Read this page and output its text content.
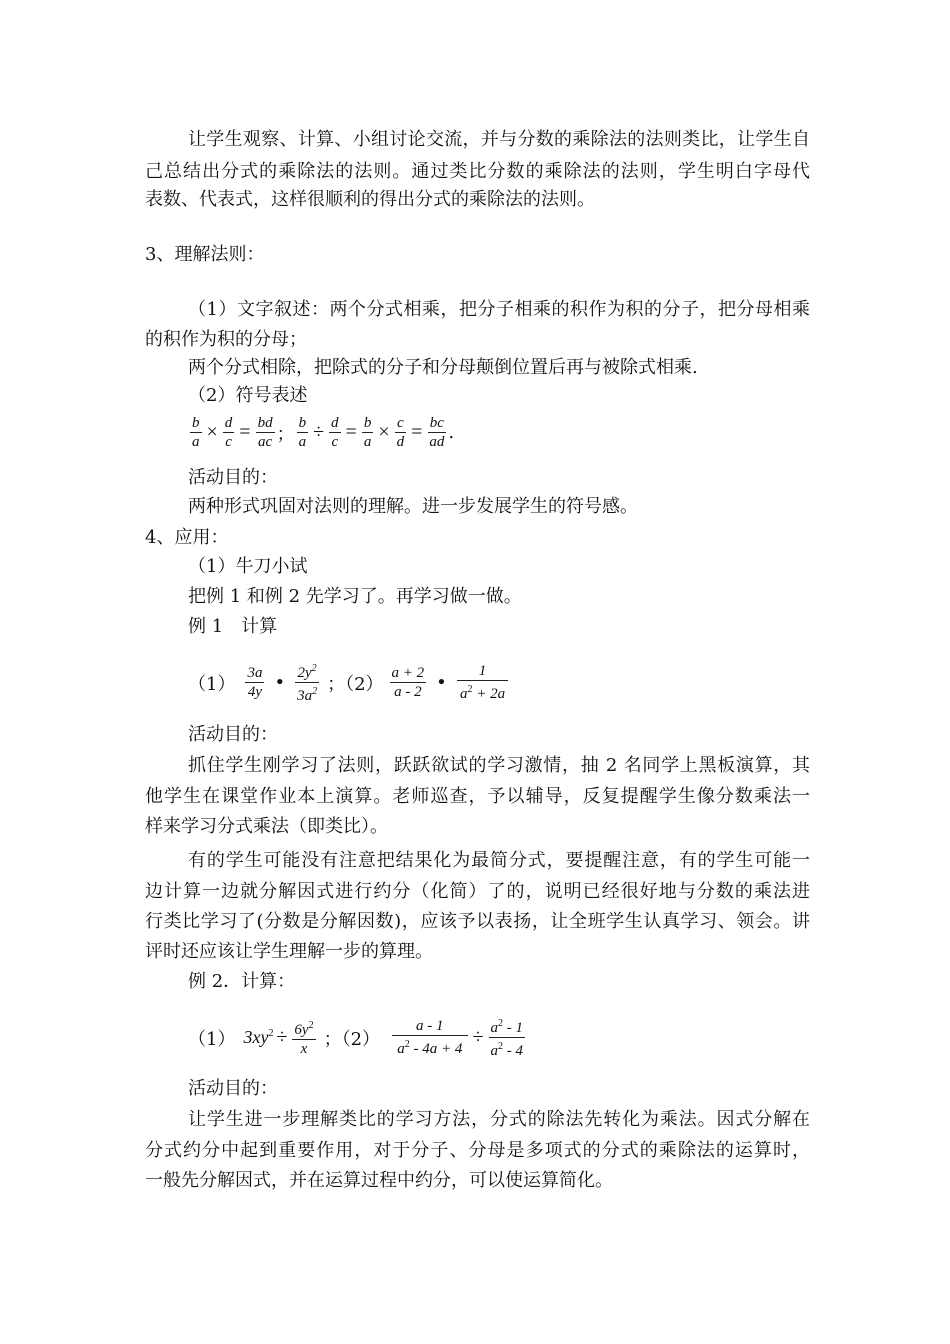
让学生观察、计算、小组讨论交流，并与分数的乘除法的法则类比，让学生自
己总结出分式的乘除法的法则。通过类比分数的乘除法的法则，学生明白字母代
表数、代表式，这样很顺利的得出分式的乘除法的法则。
3、理解法则：
（1）文字叙述：两个分式相乘，把分子相乘的积作为积的分子，把分母相乘
的积作为积的分母；
两个分式相除，把除式的分子和分母颠倒位置后再与被除式相乘.
（2）符号表述
$\frac{b}{a} \times \frac{d}{c} = \frac{bd}{ac}$ ； $\frac{b}{a} \div \frac{d}{c} = \frac{b}{a} \times \frac{c}{d} = \frac{bc}{ad}$ .
活动目的：
两种形式巩固对法则的理解。进一步发展学生的符号感。
4、应用：
（1）牛刀小试
把例 1 和例 2 先学习了。再学习做一做。
例 1　计算
$(1) \frac{3a}{4y}$ • $\frac{2y^2}{3a^2}$ ；$(2) \frac{a + 2}{a - 2}$ • $\frac{1}{a^2 + 2a}$
活动目的：
抓住学生刚学习了法则，跃跃欲试的学习激情，抽 2 名同学上黑板演算，其
他学生在课堂作业本上演算。老师巡查，予以辅导，反复提醒学生像分数乘法一
样来学习分式乘法（即类比）。
有的学生可能没有注意把结果化为最简分式，要提醒注意，有的学生可能一
边计算一边就分解因式进行约分（化简）了的，说明已经很好地与分数的乘法进
行类比学习了(分数是分解因数)，应该予以表扬，让全班学生认真学习、领会。讲
评时还应该让学生理解一步的算理。
例 2．计算：
（1） $3xy^2 \div \frac{6y^2}{x}$ ；$(2) \frac{a - 1}{a^2 - 4a + 4} \div \frac{a^2 - 1}{a^2 - 4}$
活动目的：
让学生进一步理解类比的学习方法，分式的除法先转化为乘法。因式分解在
分式约分中起到重要作用，对于分子、分母是多项式的分式的乘除法的运算时，
一般先分解因式，并在运算过程中约分，可以使运算简化。
